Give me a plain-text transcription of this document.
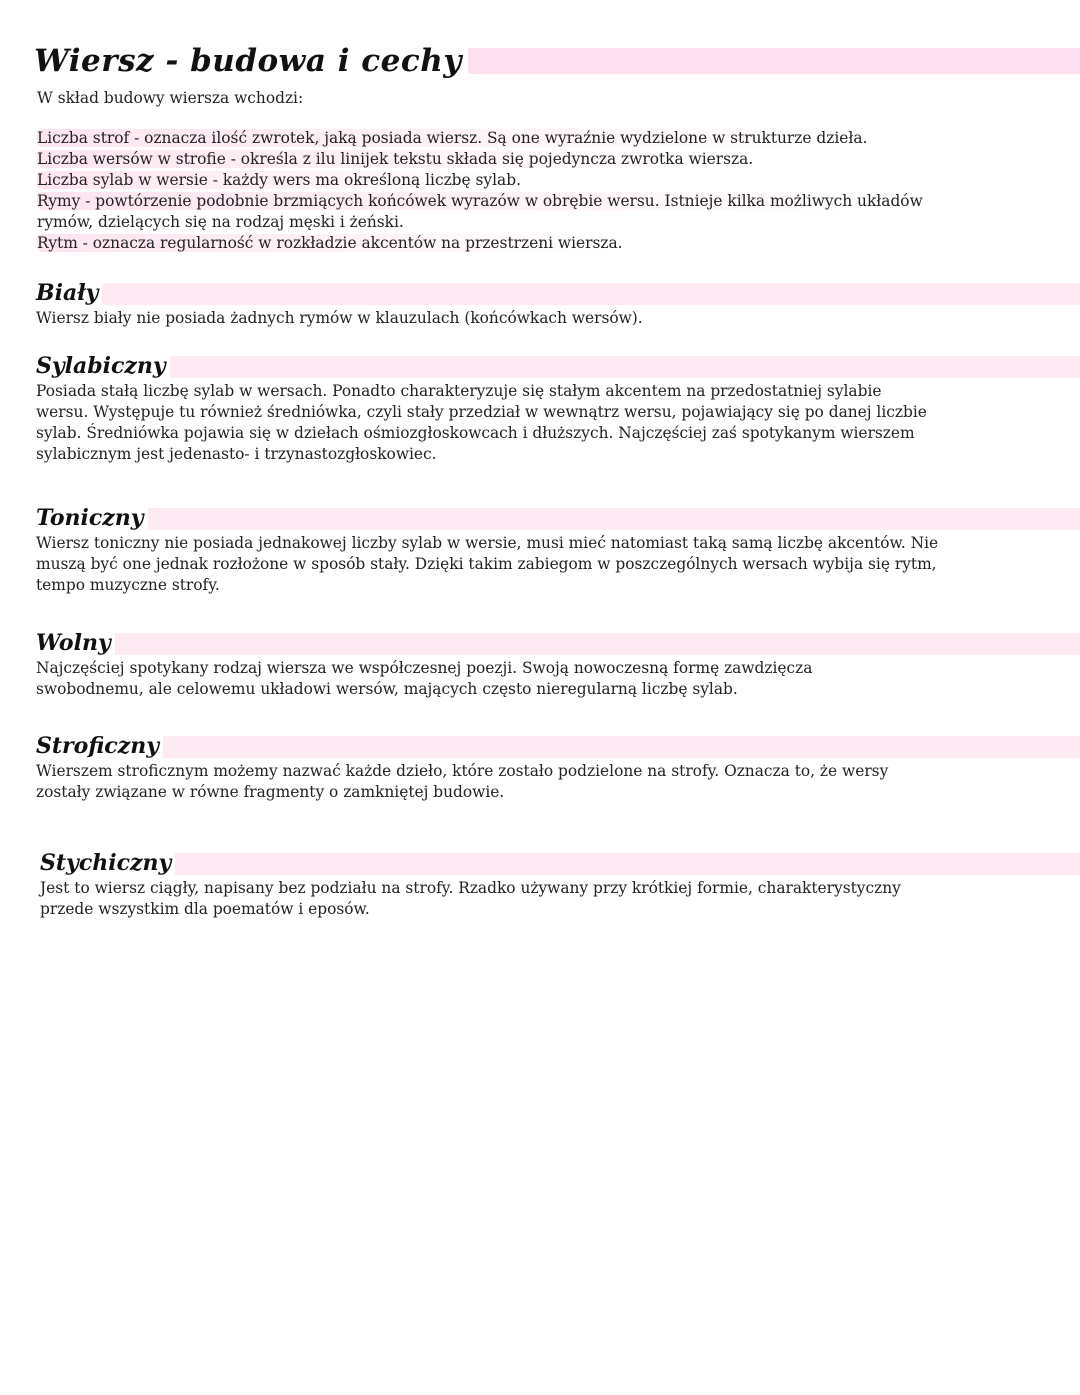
Wiersz - budowa i cechy

W skład budowy wiersza wchodzi:

Liczba strof - oznacza ilość zwrotek, jaką posiada wiersz. Są one wyraźnie wydzielone w strukturze dzieła.
Liczba wersów w strofie - określa z ilu linijek tekstu składa się pojedyncza zwrotka wiersza.
Liczba sylab w wersie - każdy wers ma określoną liczbę sylab.
Rymy - powtórzenie podobnie brzmiących końcówek wyrazów w obrębie wersu. Istnieje kilka możliwych układów
rymów, dzielących się na rodzaj męski i żeński.
Rytm - oznacza regularność w rozkładzie akcentów na przestrzeni wiersza.
Biały
Wiersz biały nie posiada żadnych rymów w klauzulach (końcówkach wersów).
Sylabiczny
Posiada stałą liczbę sylab w wersach. Ponadto charakteryzuje się stałym akcentem na przedostatniej sylabie
wersu. Występuje tu również średniówka, czyli stały przedział w wewnątrz wersu, pojawiający się po danej liczbie
sylab. Średniówka pojawia się w dziełach ośmiozgłoskowcach i dłuższych. Najczęściej zaś spotykanym wierszem
sylabicznym jest jedenasto- i trzynastozgłoskowiec.
Toniczny
Wiersz toniczny nie posiada jednakowej liczby sylab w wersie, musi mieć natomiast taką samą liczbę akcentów. Nie
muszą być one jednak rozłożone w sposób stały. Dzięki takim zabiegom w poszczególnych wersach wybija się rytm,
tempo muzyczne strofy.
Wolny
Najczęściej spotykany rodzaj wiersza we współczesnej poezji. Swoją nowoczesną formę zawdzięcza
swobodnemu, ale celowemu układowi wersów, mających często nieregularną liczbę sylab.
Stroficzny
Wierszem stroficznym możemy nazwać każde dzieło, które zostało podzielone na strofy. Oznacza to, że wersy
zostały związane w równe fragmenty o zamkniętej budowie.
Stychiczny
Jest to wiersz ciągły, napisany bez podziału na strofy. Rzadko używany przy krótkiej formie, charakterystyczny
przede wszystkim dla poematów i eposów.
